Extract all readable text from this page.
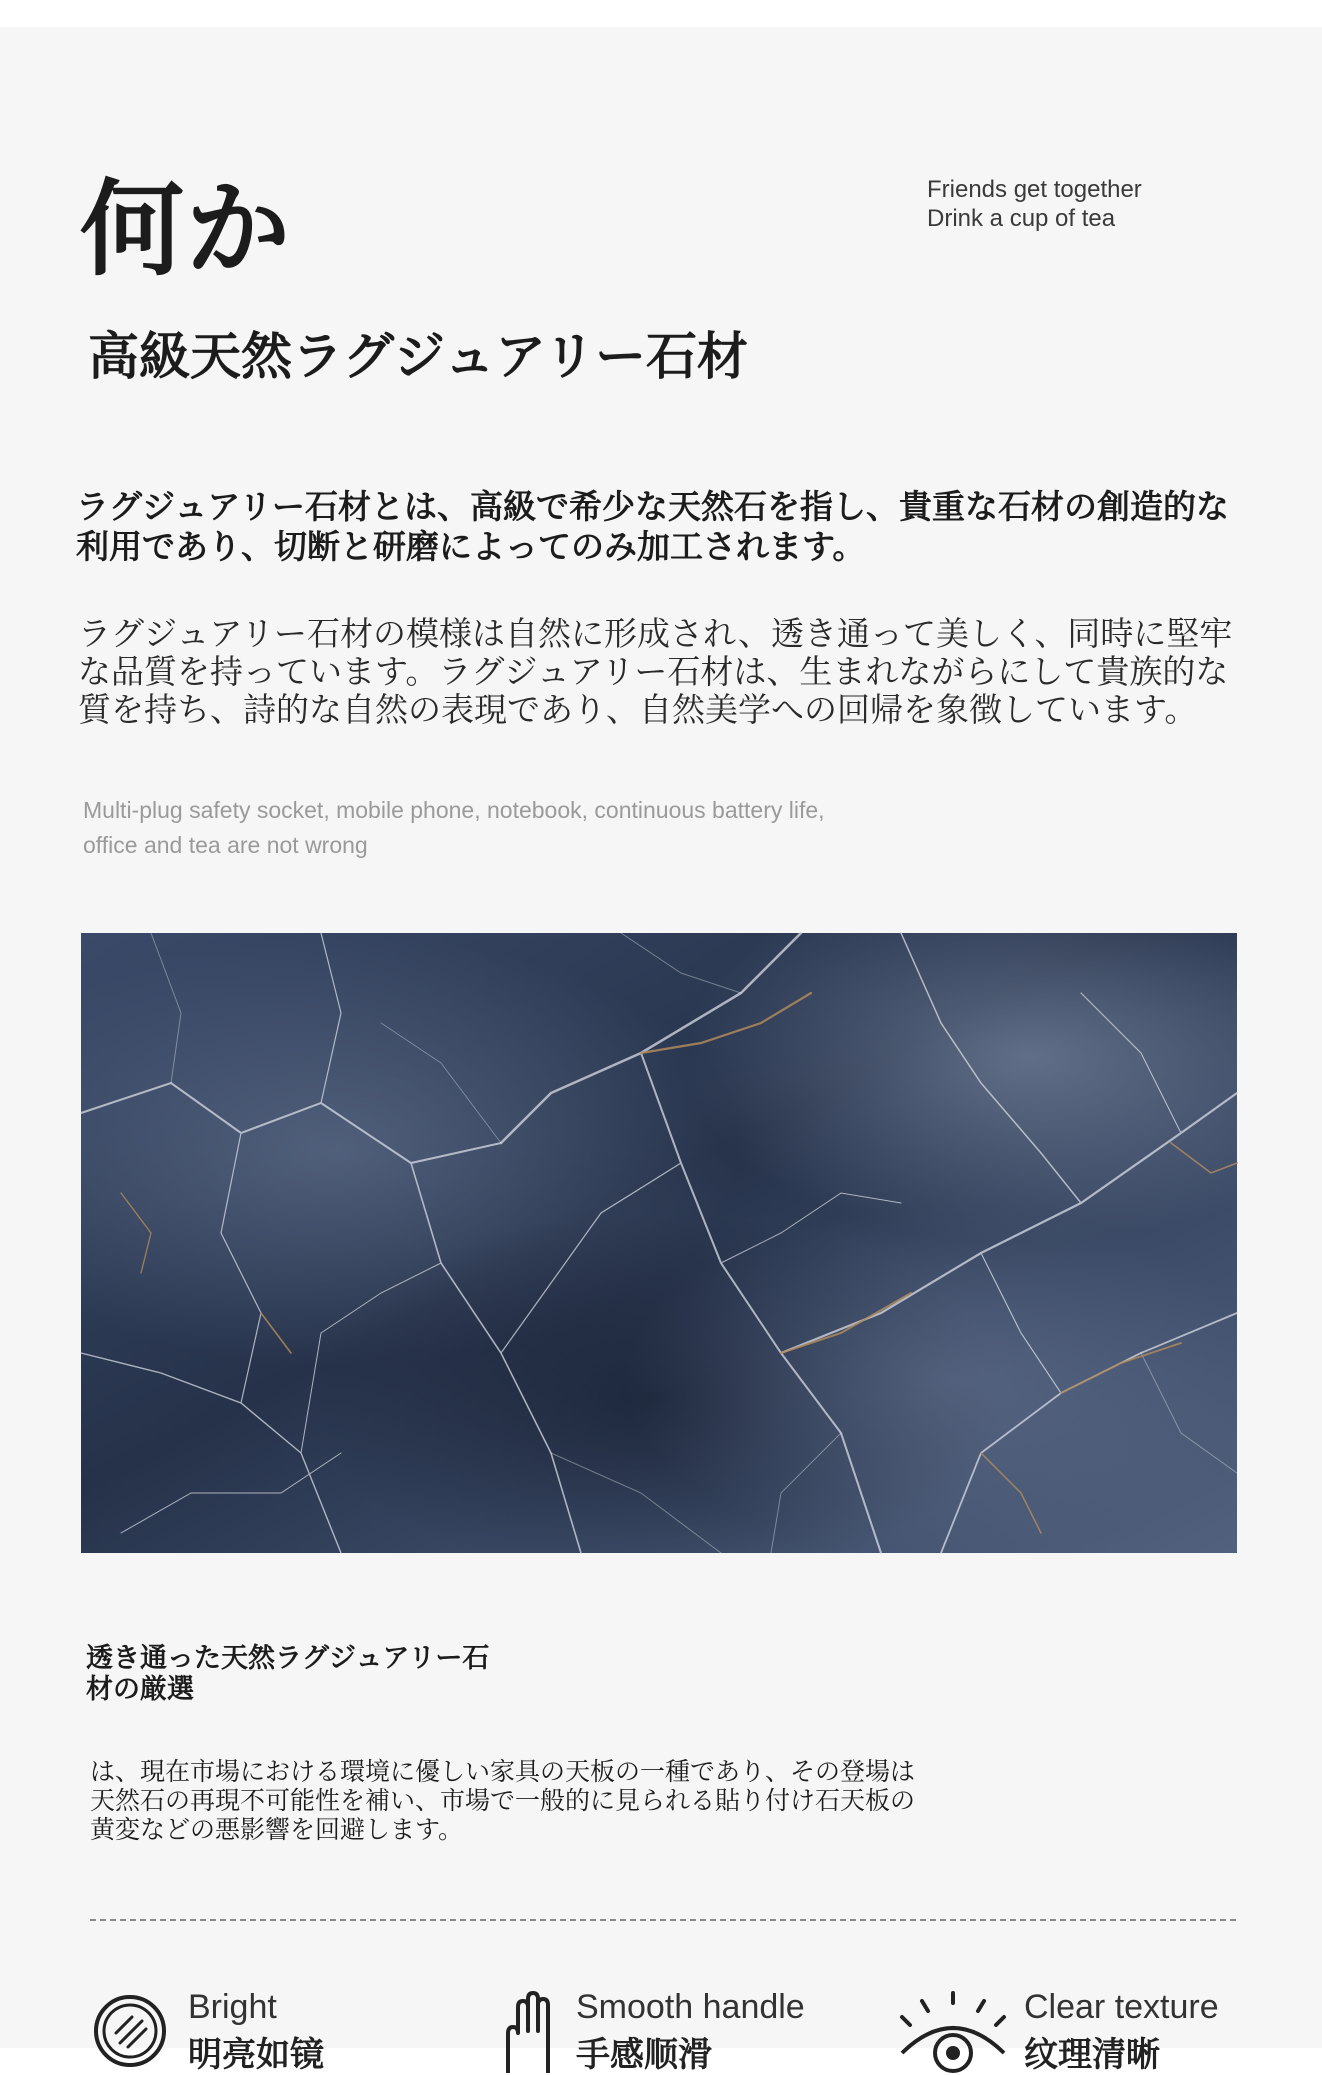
何か	Friends get together
Drink a cup of tea
高級天然ラグジュアリー石材
ラグジュアリー石材とは、高級で希少な天然石を指し、貴重な石材の創造的な利用であり、切断と研磨によってのみ加工されます。
ラグジュアリー石材の模様は自然に形成され、透き通って美しく、同時に堅牢
な品質を持っています。ラグジュアリー石材は、生まれながらにして貴族的な
質を持ち、詩的な自然の表現であり、自然美学への回帰を象徴しています。
Multi-plug safety socket, mobile phone, notebook, continuous battery life,
office and tea are not wrong
透き通った天然ラグジュアリー石材の厳選
は、現在市場における環境に優しい家具の天板の一種であり、その登場は
天然石の再現不可能性を補い、市場で一般的に見られる貼り付け石天板の
黄変などの悪影響を回避します。
Bright
明亮如镜
Smooth handle
手感顺滑
Clear texture
纹理清晰
